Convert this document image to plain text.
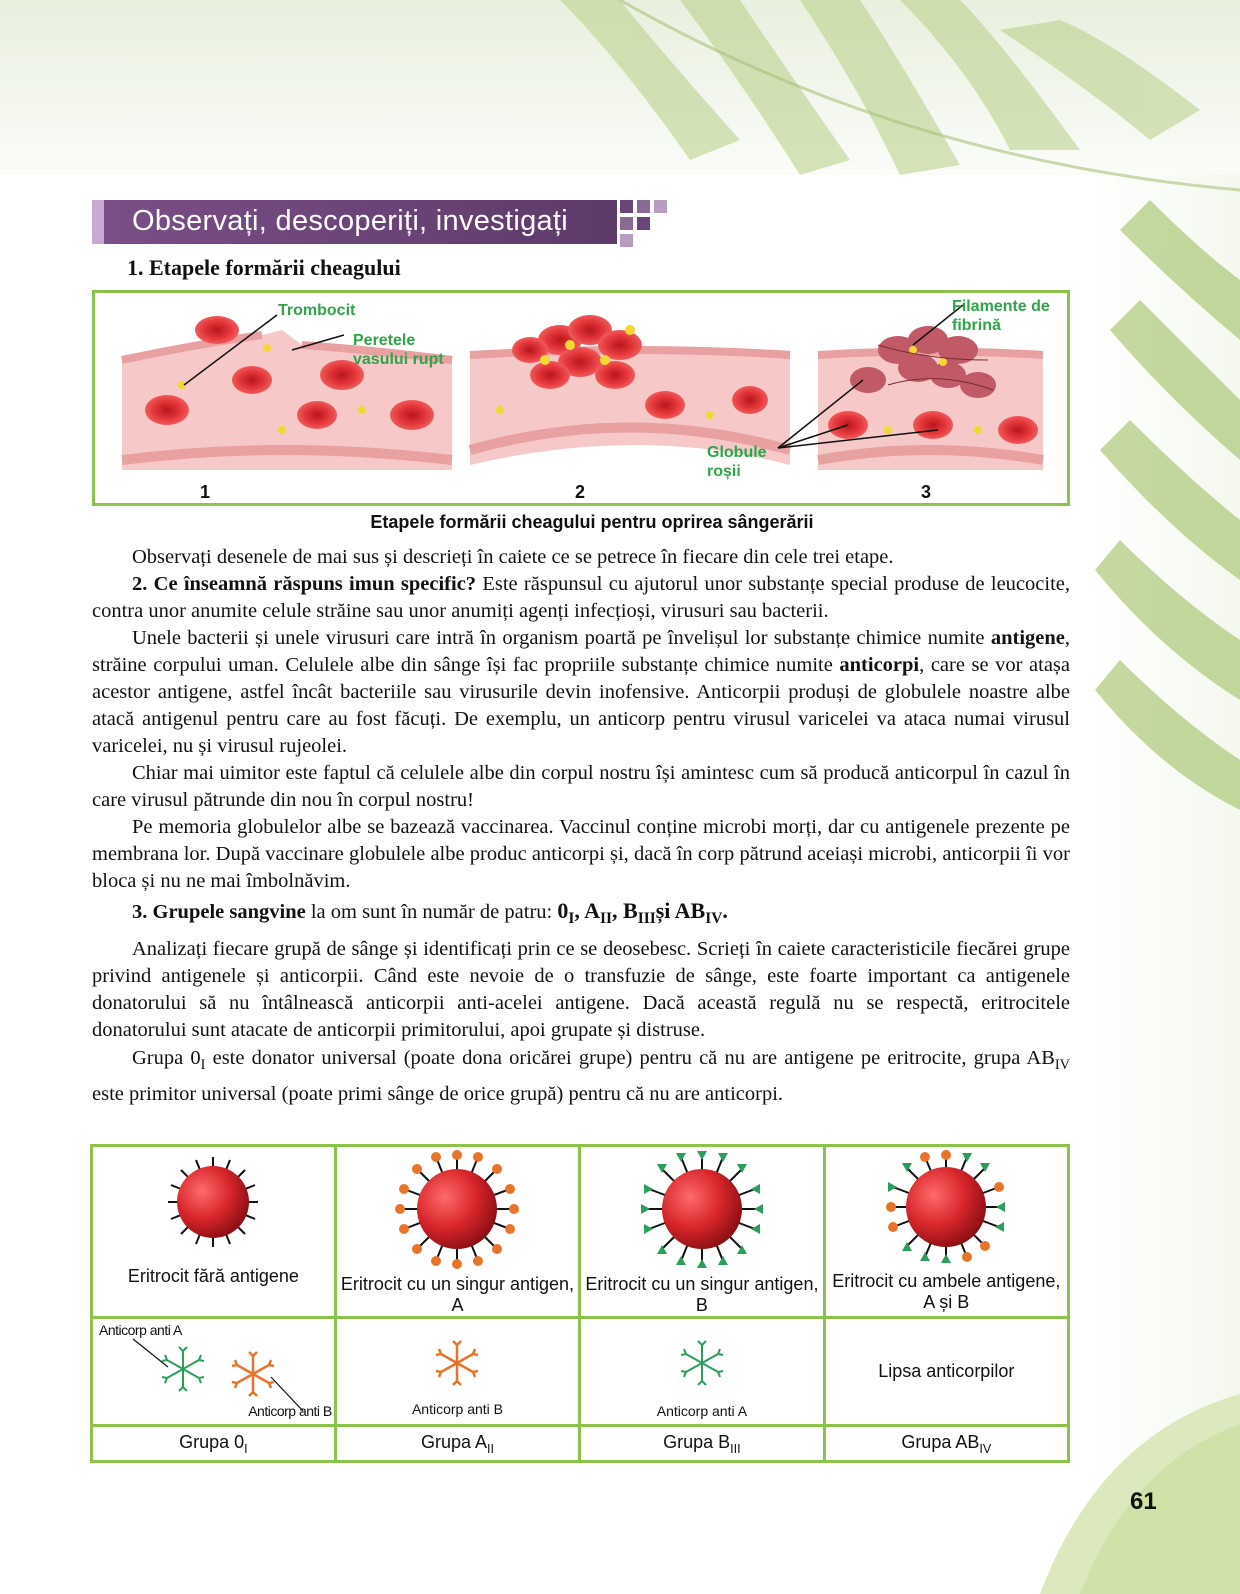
Observați, descoperiți, investigați
1. Etapele formării cheagului
Trombocit
Peretele
vasului rupt
Filamente de
fibrină
Globule
roșii
1	2	3
Etapele formării cheagului pentru oprirea sângerării

Observați desenele de mai sus și descrieți în caiete ce se petrece în fiecare din cele trei etape.

2. Ce înseamnă răspuns imun specific? Este răspunsul cu ajutorul unor substanțe special produse de leucocite, contra unor anumite celule străine sau unor anumiți agenți infecțioși, virusuri sau bacterii.

Unele bacterii și unele virusuri care intră în organism poartă pe învelișul lor substanțe chimice numite antigene, străine corpului uman. Celulele albe din sânge își fac propriile substanțe chimice numite anticorpi, care se vor atașa acestor antigene, astfel încât bacteriile sau virusurile devin inofensive. Anticorpii produși de globulele noastre albe atacă antigenul pentru care au fost făcuți. De exemplu, un anticorp pentru virusul varicelei va ataca numai virusul varicelei, nu și virusul rujeolei.

Chiar mai uimitor este faptul că celulele albe din corpul nostru își amintesc cum să producă anticorpul în cazul în care virusul pătrunde din nou în corpul nostru!

Pe memoria globulelor albe se bazează vaccinarea. Vaccinul conține microbi morți, dar cu antigenele prezente pe membrana lor. După vaccinare globulele albe produc anticorpi și, dacă în corp pătrund aceiași microbi, anticorpii îi vor bloca și nu ne mai îmbolnăvim.

3. Grupele sangvine la om sunt în număr de patru: $0_I$, $A_{II}$, $B_{III}și$ $AB_{IV}$.

Analizați fiecare grupă de sânge și identificați prin ce se deosebesc. Scrieți în caiete caracteristicile fiecărei grupe privind antigenele și anticorpii. Când este nevoie de o transfuzie de sânge, este foarte important ca antigenele donatorului să nu întâlnească anticorpii anti-acelei antigene. Dacă această regulă nu se respectă, eritrocitele donatorului sunt atacate de anticorpii primitorului, apoi grupate și distruse.

Grupa $0_I$ este donator universal (poate dona oricărei grupe) pentru că nu are antigene pe eritrocite, grupa $AB_{IV}$ este primitor universal (poate primi sânge de orice grupă) pentru că nu are anticorpi.

Eritrocit fără antigene	Eritrocit cu un singur antigen, A	Eritrocit cu un singur antigen, B	Eritrocit cu ambele antigene, A și B

Anticorp anti A
Anticorp anti B	Anticorp anti B	Anticorp anti A	Lipsa anticorpilor

Grupa $0_I$	Grupa $A_{II}$	Grupa $B_{III}$	Grupa $AB_{IV}$
61
